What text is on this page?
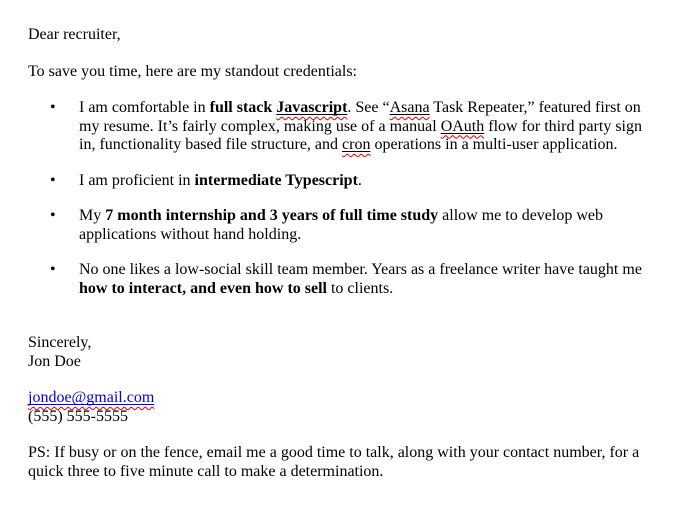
Dear recruiter,

To save you time, here are my standout credentials:

• I am comfortable in full stack Javascript. See “Asana Task Repeater,” featured first on my resume. It’s fairly complex, making use of a manual OAuth flow for third party sign in, functionality based file structure, and cron operations in a multi-user application.
• I am proficient in intermediate Typescript.
• My 7 month internship and 3 years of full time study allow me to develop web applications without hand holding.
• No one likes a low-social skill team member. Years as a freelance writer have taught me how to interact, and even how to sell to clients.

Sincerely,
Jon Doe

jondoe@gmail.com
(555) 555-5555

PS: If busy or on the fence, email me a good time to talk, along with your contact number, for a quick three to five minute call to make a determination.
